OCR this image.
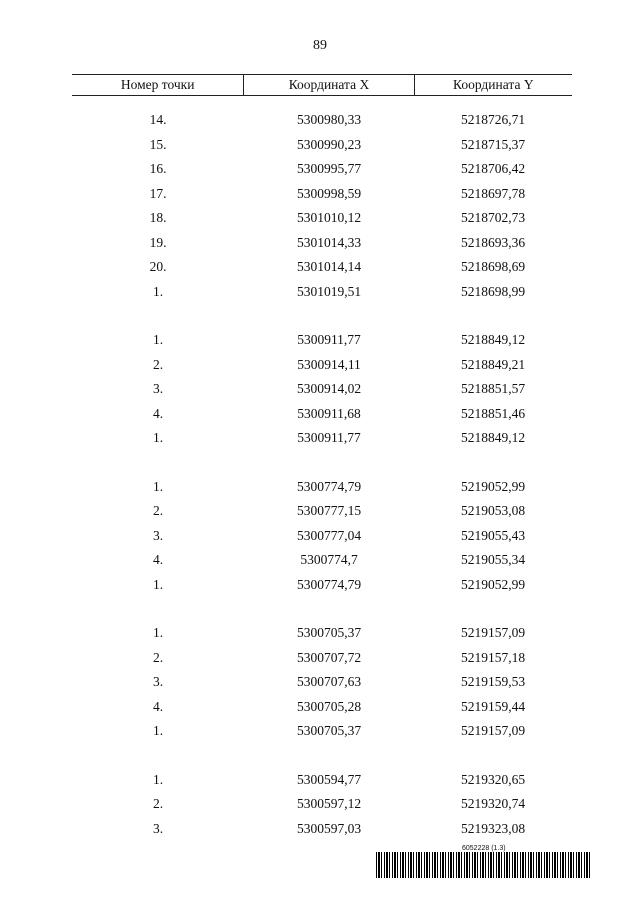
89
Номер точки	Координата X	Координата Y
14.	5300980,33	5218726,71
15.	5300990,23	5218715,37
16.	5300995,77	5218706,42
17.	5300998,59	5218697,78
18.	5301010,12	5218702,73
19.	5301014,33	5218693,36
20.	5301014,14	5218698,69
1.	5301019,51	5218698,99
1.	5300911,77	5218849,12
2.	5300914,11	5218849,21
3.	5300914,02	5218851,57
4.	5300911,68	5218851,46
1.	5300911,77	5218849,12
1.	5300774,79	5219052,99
2.	5300777,15	5219053,08
3.	5300777,04	5219055,43
4.	5300774,7	5219055,34
1.	5300774,79	5219052,99
1.	5300705,37	5219157,09
2.	5300707,72	5219157,18
3.	5300707,63	5219159,53
4.	5300705,28	5219159,44
1.	5300705,37	5219157,09
1.	5300594,77	5219320,65
2.	5300597,12	5219320,74
3.	5300597,03	5219323,08
6052228 (1.3)
